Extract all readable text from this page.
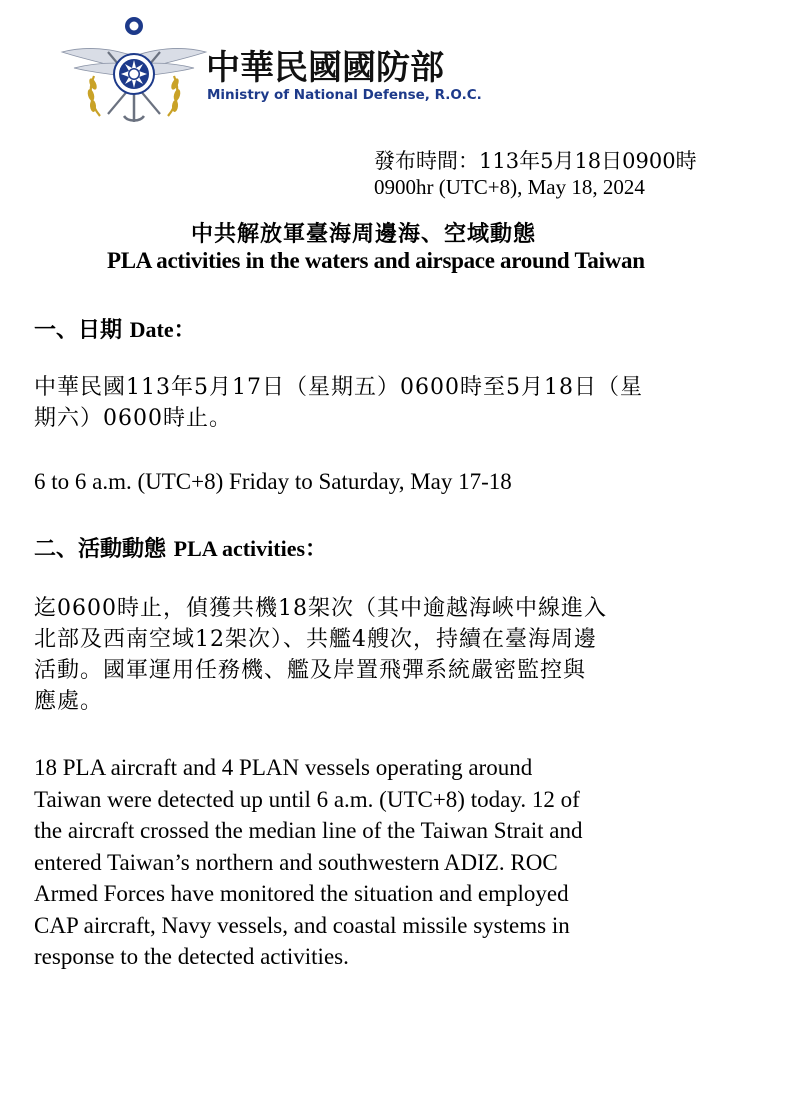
中華民國國防部
Ministry of National Defense, R.O.C.
發布時間：113年5月18日0900時
0900hr (UTC+8), May 18, 2024
中共解放軍臺海周邊海、空域動態
PLA activities in the waters and airspace around Taiwan
一、日期 Date：
中華民國113年5月17日（星期五）0600時至5月18日（星
期六）0600時止。
6 to 6 a.m. (UTC+8) Friday to Saturday, May 17-18
二、活動動態 PLA activities：
迄0600時止，偵獲共機18架次（其中逾越海峽中線進入
北部及西南空域12架次）、共艦4艘次，持續在臺海周邊
活動。國軍運用任務機、艦及岸置飛彈系統嚴密監控與
應處。
18 PLA aircraft and 4 PLAN vessels operating around
Taiwan were detected up until 6 a.m. (UTC+8) today. 12 of
the aircraft crossed the median line of the Taiwan Strait and
entered Taiwan’s northern and southwestern ADIZ. ROC
Armed Forces have monitored the situation and employed
CAP aircraft, Navy vessels, and coastal missile systems in
response to the detected activities.
